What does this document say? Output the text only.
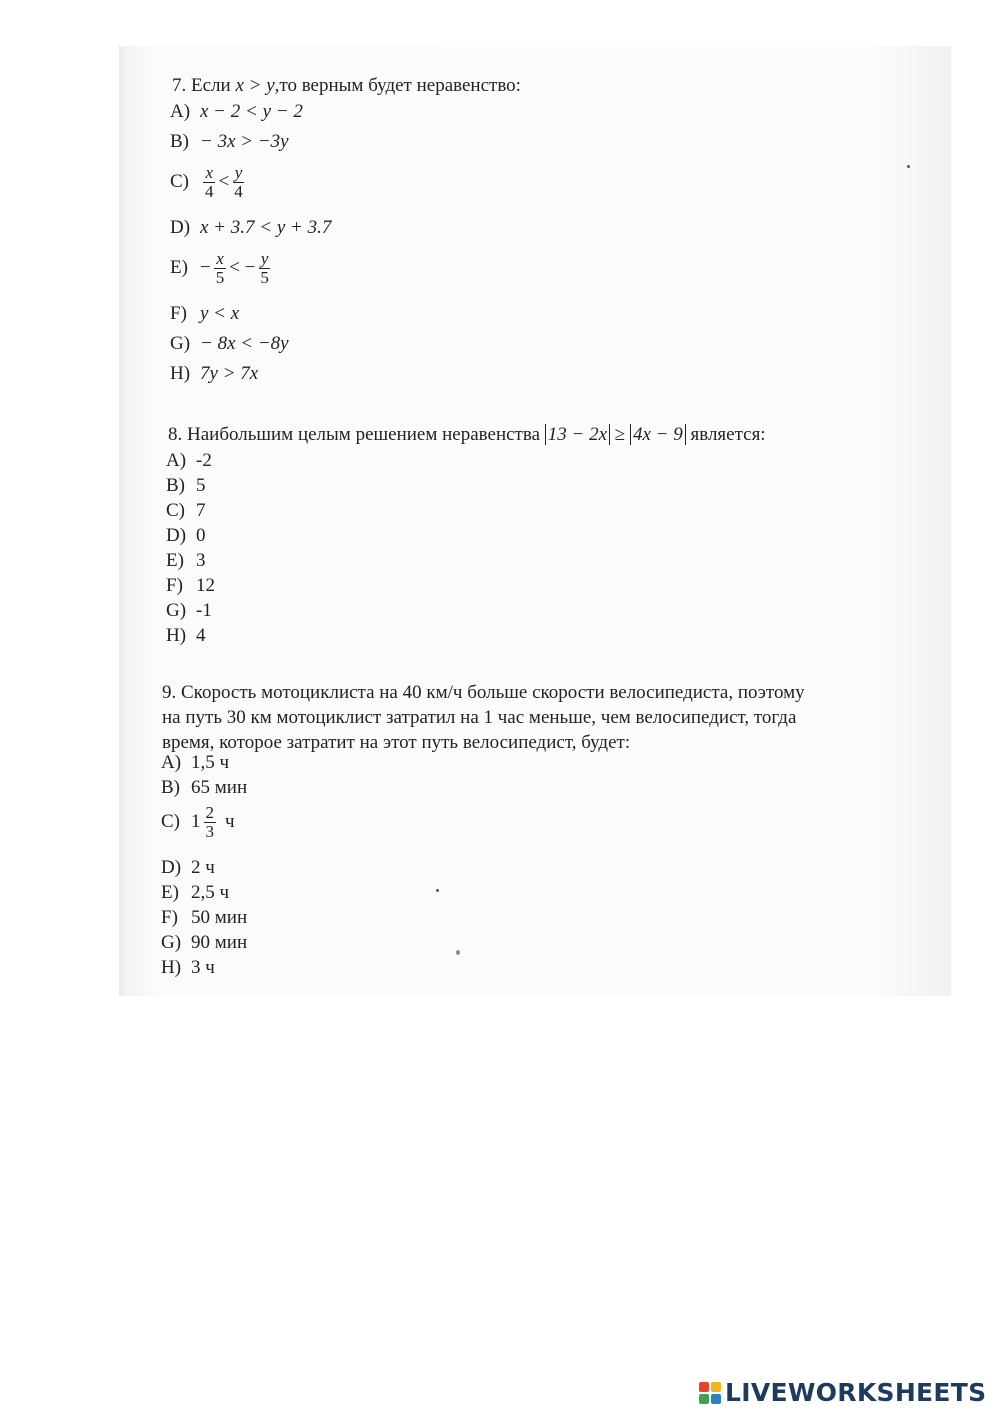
7. Если x > y,то верным будет неравенство:
A) x − 2 < y − 2
B) − 3x > −3y
$C) \frac{x}{4} < \frac{y}{4}$
D) x + 3.7 < y + 3.7
$E) - \frac{x}{5}$ < − $\frac{y}{5}$
F) y < x
G) − 8x < −8y
H) 7y > 7x
8. Наибольшим целым решением неравенства 13 − 2x ≥ 4x − 9 является:
A) -2
B) 5
C) 7
D) 0
E) 3
F) 12
G) -1
H) 4
9. Скорость мотоциклиста на 40 км/ч больше скорости велосипедиста, поэтому
на путь 30 км мотоциклист затратил на 1 час меньше, чем велосипедист, тогда
время, которое затратит на этот путь велосипедист, будет:
A) 1,5 ч
B) 65 мин
C) $1 \frac{2}{3}$ ч
D) 2 ч
E) 2,5 ч
F) 50 мин
G) 90 мин
H) 3 ч
LIVEWORKSHEETS
